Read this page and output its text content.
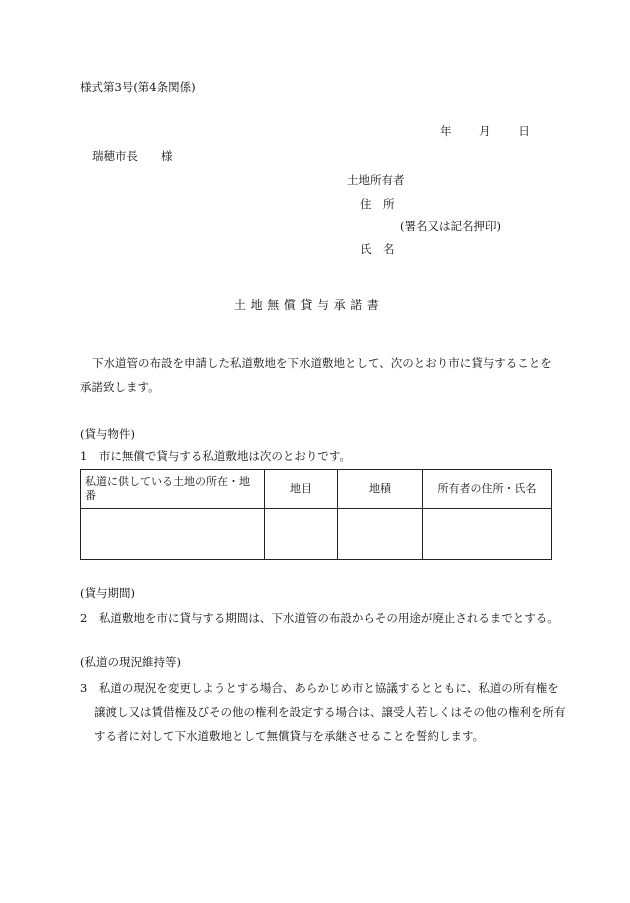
様式第3号(第4条関係)
年 月 日
瑞穂市長　　様
土地所有者
住　所
(署名又は記名押印)
氏　名
土地無償貸与承諾書
下水道管の布設を申請した私道敷地を下水道敷地として、次のとおり市に貸与することを承諾致します。
(貸与物件)
1　市に無償で貸与する私道敷地は次のとおりです。
私道に供している土地の所在・地番	地目	地積	所有者の住所・氏名

(貸与期間)
2　私道敷地を市に貸与する期間は、下水道管の布設からその用途が廃止されるまでとする。
(私道の現況維持等)
3　私道の現況を変更しようとする場合、あらかじめ市と協議するとともに、私道の所有権を譲渡し又は賃借権及びその他の権利を設定する場合は、譲受人若しくはその他の権利を所有する者に対して下水道敷地として無償貸与を承継させることを誓約します。
